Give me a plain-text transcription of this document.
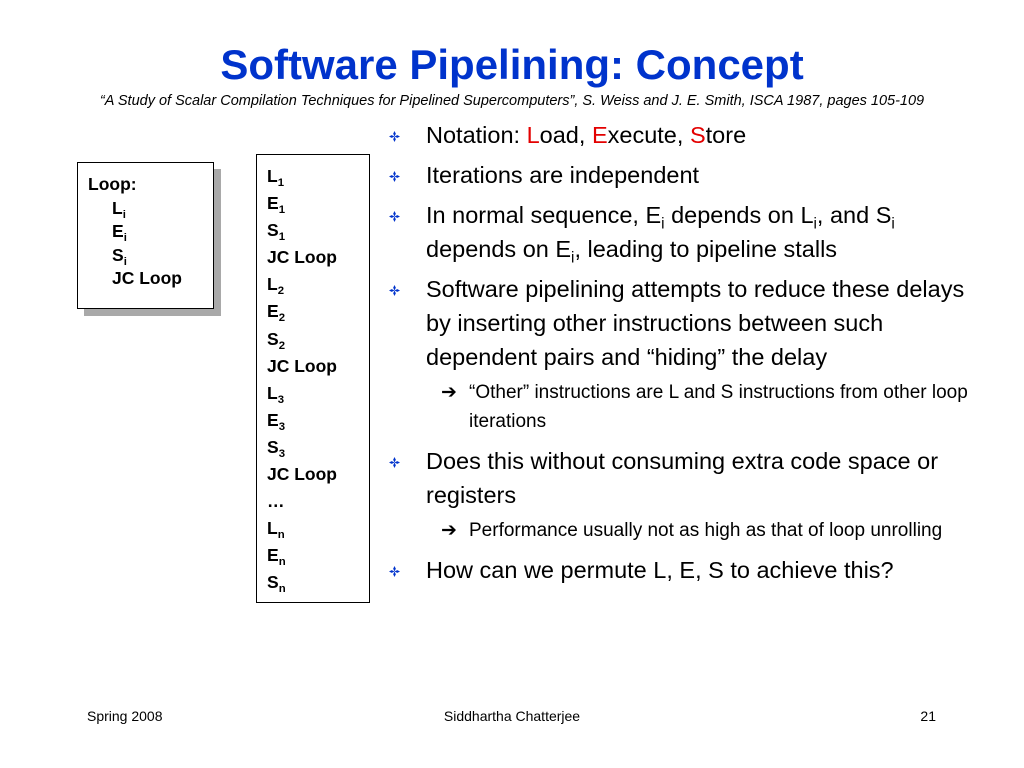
Software Pipelining: Concept
“A Study of Scalar Compilation Techniques for Pipelined Supercomputers”, S. Weiss and J. E. Smith, ISCA 1987, pages 105-109
Loop:
$L_i$
$E_i$
$S_i$
JC Loop
$L_1$
$E_1$
$S_1$
JC Loop
$L_2$
$E_2$
$S_2$
JC Loop
$L_3$
$E_3$
$S_3$
JC Loop
…
$L_n$
$E_n$
$S_n$
Notation: Load, Execute, Store
Iterations are independent
In normal sequence, $E_i$ depends on $L_i$, and $S_i$ depends on $E_i$, leading to pipeline stalls
Software pipelining attempts to reduce these delays by inserting other instructions between such dependent pairs and “hiding” the delay
➔ “Other” instructions are L and S instructions from other loop iterations
Does this without consuming extra code space or registers
➔ Performance usually not as high as that of loop unrolling
How can we permute L, E, S to achieve this?
Spring 2008	Siddhartha Chatterjee	21
